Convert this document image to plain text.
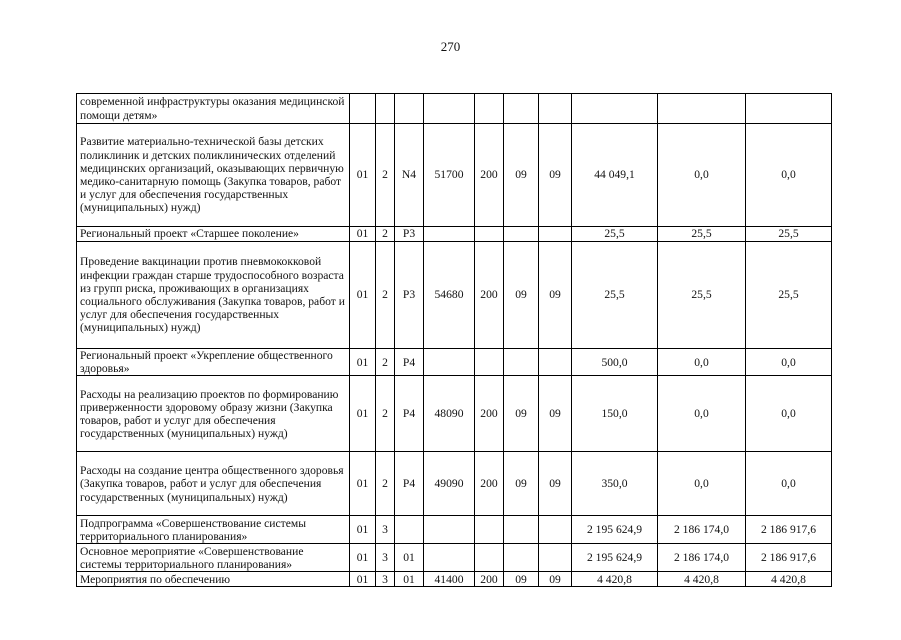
270
современной инфраструктуры оказания медицинской помощи детям»										
Развитие материально-технической базы детских поликлиник и детских поликлинических отделений медицинских организаций, оказывающих первичную медико-санитарную помощь (Закупка товаров, работ и услуг для обеспечения государственных (муниципальных) нужд)	01	2	N4	51700	200	09	09	44 049,1	0,0	0,0
Региональный проект «Старшее поколение»	01	2	P3					25,5	25,5	25,5
Проведение вакцинации против пневмококковой инфекции граждан старше трудоспособного возраста из групп риска, проживающих в организациях социального обслуживания (Закупка товаров, работ и услуг для обеспечения государственных (муниципальных) нужд)	01	2	P3	54680	200	09	09	25,5	25,5	25,5
Региональный проект «Укрепление общественного здоровья»	01	2	P4					500,0	0,0	0,0
Расходы на реализацию проектов по формированию приверженности здоровому образу жизни (Закупка товаров, работ и услуг для обеспечения государственных (муниципальных) нужд)	01	2	P4	48090	200	09	09	150,0	0,0	0,0
Расходы на создание центра общественного здоровья (Закупка товаров, работ и услуг для обеспечения государственных (муниципальных) нужд)	01	2	P4	49090	200	09	09	350,0	0,0	0,0
Подпрограмма «Совершенствование системы территориального планирования»	01	3						2 195 624,9	2 186 174,0	2 186 917,6
Основное мероприятие «Совершенствование системы территориального планирования»	01	3	01					2 195 624,9	2 186 174,0	2 186 917,6
Мероприятия по обеспечению	01	3	01	41400	200	09	09	4 420,8	4 420,8	4 420,8
